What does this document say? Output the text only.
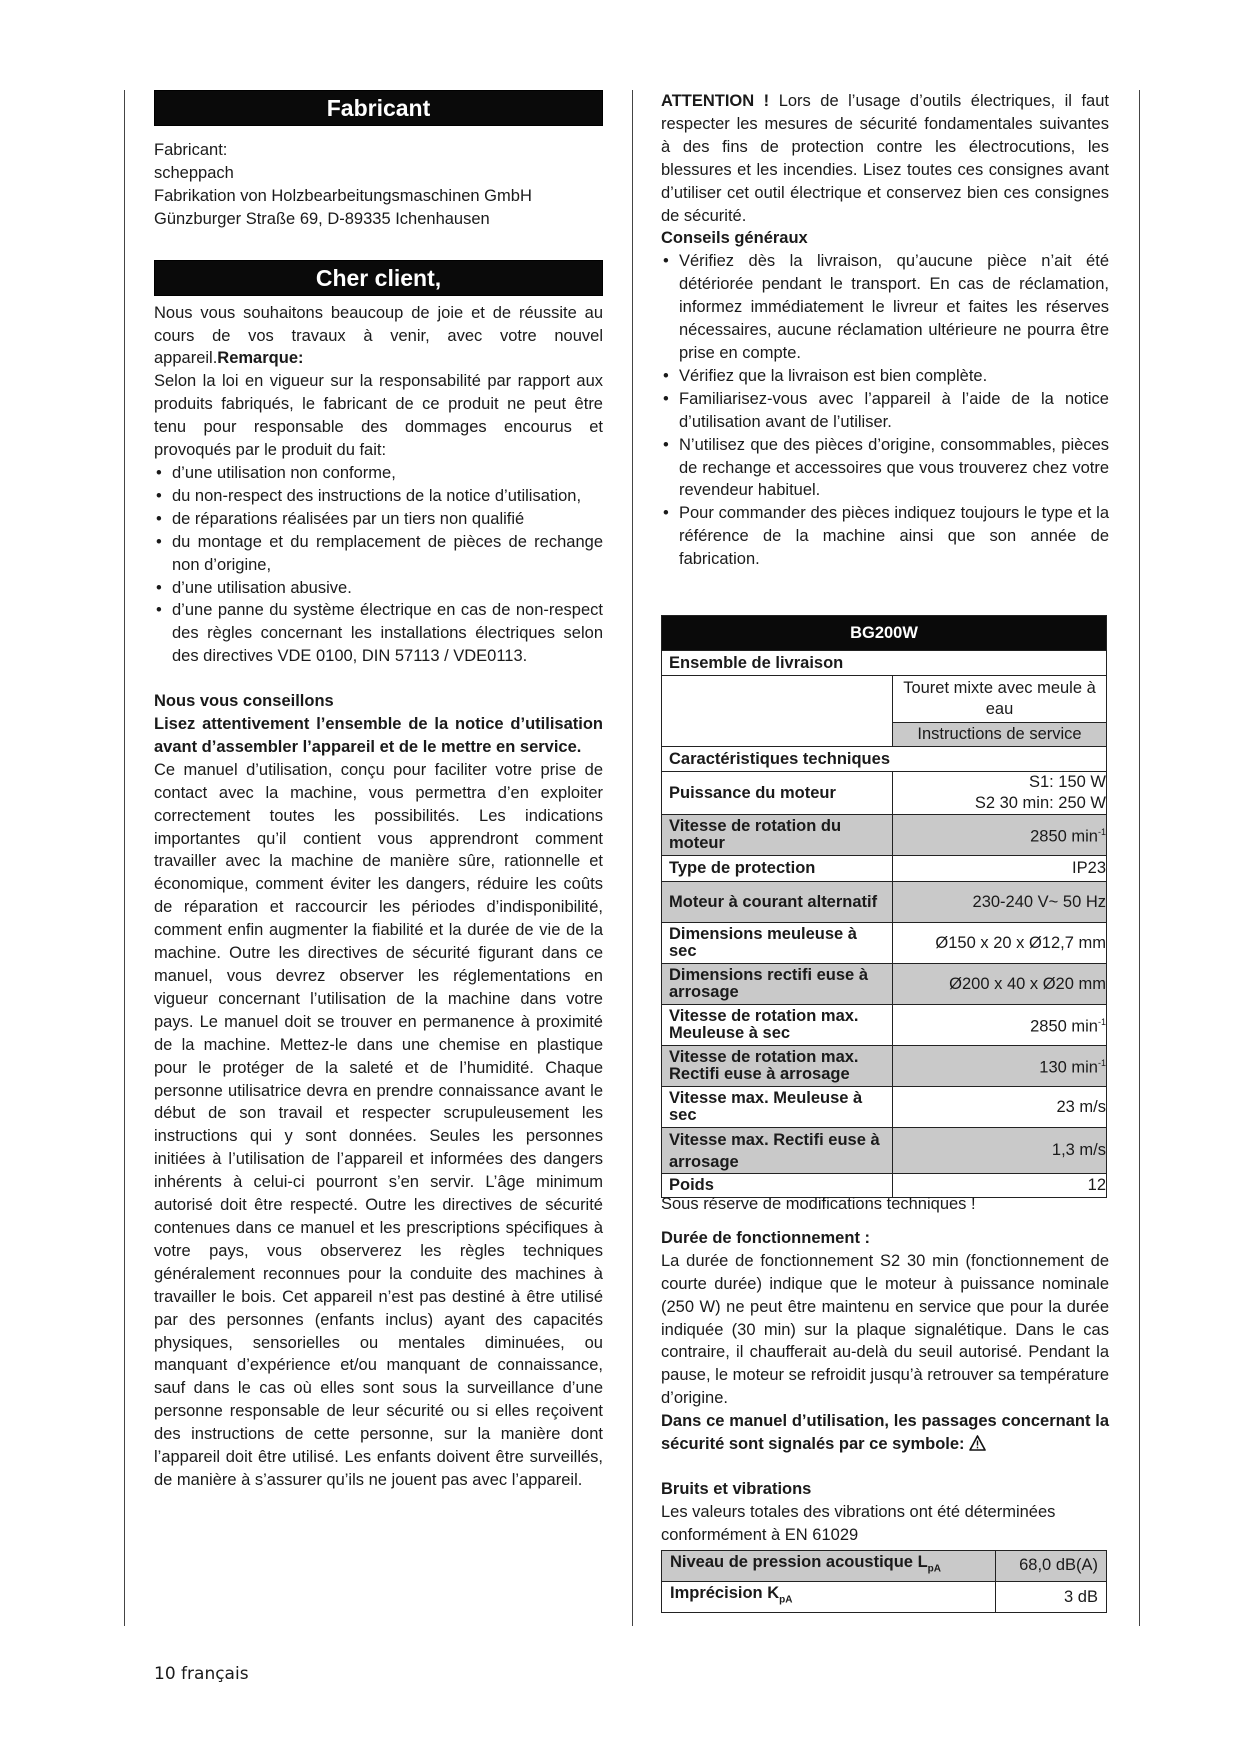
Fabricant

Fabricant:

scheppach

Fabrikation von Holzbearbeitungsmaschinen GmbH

Günzburger Straße 69, D-89335 Ichenhausen

Cher client,

Nous vous souhaitons beaucoup de joie et de réussite au cours de vos travaux à venir, avec votre nouvel appareil.Remarque:

Selon la loi en vigueur sur la responsabilité par rapport aux produits fabriqués, le fabricant de ce produit ne peut être tenu pour responsable des dommages encourus et provoqués par le produit du fait:

• d’une utilisation non conforme,
• du non-respect des instructions de la notice d’utilisation,
• de réparations réalisées par un tiers non qualifié
• du montage et du remplacement de pièces de rechange non d’origine,
• d’une utilisation abusive.
• d’une panne du système électrique en cas de non-respect des règles concernant les installations électriques selon des directives VDE 0100, DIN 57113 / VDE0113.

Nous vous conseillons

Lisez attentivement l’ensemble de la notice d’utilisation avant d’assembler l’appareil et de le mettre en service.

Ce manuel d’utilisation, conçu pour faciliter votre prise de contact avec la machine, vous permettra d’en exploiter correctement toutes les possibilités. Les indications importantes qu’il contient vous apprendront comment travailler avec la machine de manière sûre, rationnelle et économique, comment éviter les dangers, réduire les coûts de réparation et raccourcir les périodes d’indisponibilité, comment enfin augmenter la fiabilité et la durée de vie de la machine. Outre les directives de sécurité figurant dans ce manuel, vous devrez observer les réglementations en vigueur concernant l’utilisation de la machine dans votre pays. Le manuel doit se trouver en permanence à proximité de la machine. Mettez-le dans une chemise en plastique pour le protéger de la saleté et de l’humidité. Chaque personne utilisatrice devra en prendre connaissance avant le début de son travail et respecter scrupuleusement les instructions qui y sont données. Seules les personnes initiées à l’utilisation de l’appareil et informées des dangers inhérents à celui-ci pourront s’en servir. L’âge minimum autorisé doit être respecté. Outre les directives de sécurité contenues dans ce manuel et les prescriptions spécifiques à votre pays, vous observerez les règles techniques généralement reconnues pour la conduite des machines à travailler le bois. Cet appareil n’est pas destiné à être utilisé par des personnes (enfants inclus) ayant des capacités physiques, sensorielles ou mentales diminuées, ou manquant d’expérience et/ou manquant de connaissance, sauf dans le cas où elles sont sous la surveillance d’une personne responsable de leur sécurité ou si elles reçoivent des instructions de cette personne, sur la manière dont l’appareil doit être utilisé. Les enfants doivent être surveillés, de manière à s’assurer qu’ils ne jouent pas avec l’appareil.

ATTENTION ! Lors de l’usage d’outils électriques, il faut respecter les mesures de sécurité fondamentales suivantes à des fins de protection contre les électrocutions, les blessures et les incendies. Lisez toutes ces consignes avant d’utiliser cet outil électrique et conservez bien ces consignes de sécurité.

Conseils généraux

• Vérifiez dès la livraison, qu’aucune pièce n’ait été détériorée pendant le transport. En cas de réclamation, informez immédiatement le livreur et faites les réserves nécessaires, aucune réclamation ultérieure ne pourra être prise en compte.
• Vérifiez que la livraison est bien complète.
• Familiarisez-vous avec l’appareil à l’aide de la notice d’utilisation avant de l’utiliser.
• N’utilisez que des pièces d’origine, consommables, pièces de rechange et accessoires que vous trouverez chez votre revendeur habituel.
• Pour commander des pièces indiquez toujours le type et la référence de la machine ainsi que son année de fabrication.
BG200W	
Ensemble de livraison	
	Touret mixte avec meule à eau
	Instructions de service
Caractéristiques techniques	
Puissance du moteur	S1: 150 W
S2 30 min: 250 W

Vitesse de rotation du moteur	2850 $\min^{-1}$
Type de protection	IP23
Moteur à courant alternatif	230-240 V~ 50 Hz
Dimensions meuleuse à sec	Ø150 x 20 x Ø12,7 mm
Dimensions rectifi euse à arrosage	Ø200 x 40 x Ø20 mm
Vitesse de rotation max. Meuleuse à sec	2850 $\min^{-1}$
Vitesse de rotation max. Rectifi euse à arrosage	130 $\min^{-1}$
Vitesse max. Meuleuse à sec	23 m/s
Vitesse max. Rectifi euse à arrosage	1,3 m/s
Poids	12

Sous réserve de modifications techniques !

Durée de fonctionnement :

La durée de fonctionnement S2 30 min (fonctionnement de courte durée) indique que le moteur à puissance nominale (250 W) ne peut être maintenu en service que pour la durée indiquée (30 min) sur la plaque signalétique. Dans le cas contraire, il chaufferait au-delà du seuil autorisé. Pendant la pause, le moteur se refroidit jusqu’à retrouver sa température d’origine.

Dans ce manuel d’utilisation, les passages concernant la sécurité sont signalés par ce symbole:

Bruits et vibrations

Les valeurs totales des vibrations ont été déterminées conformément à EN 61029

Niveau de pression acoustique $L_{pA}$	68,0 dB(A)
Imprécision $K_{pA}$	3 dB
10 français
